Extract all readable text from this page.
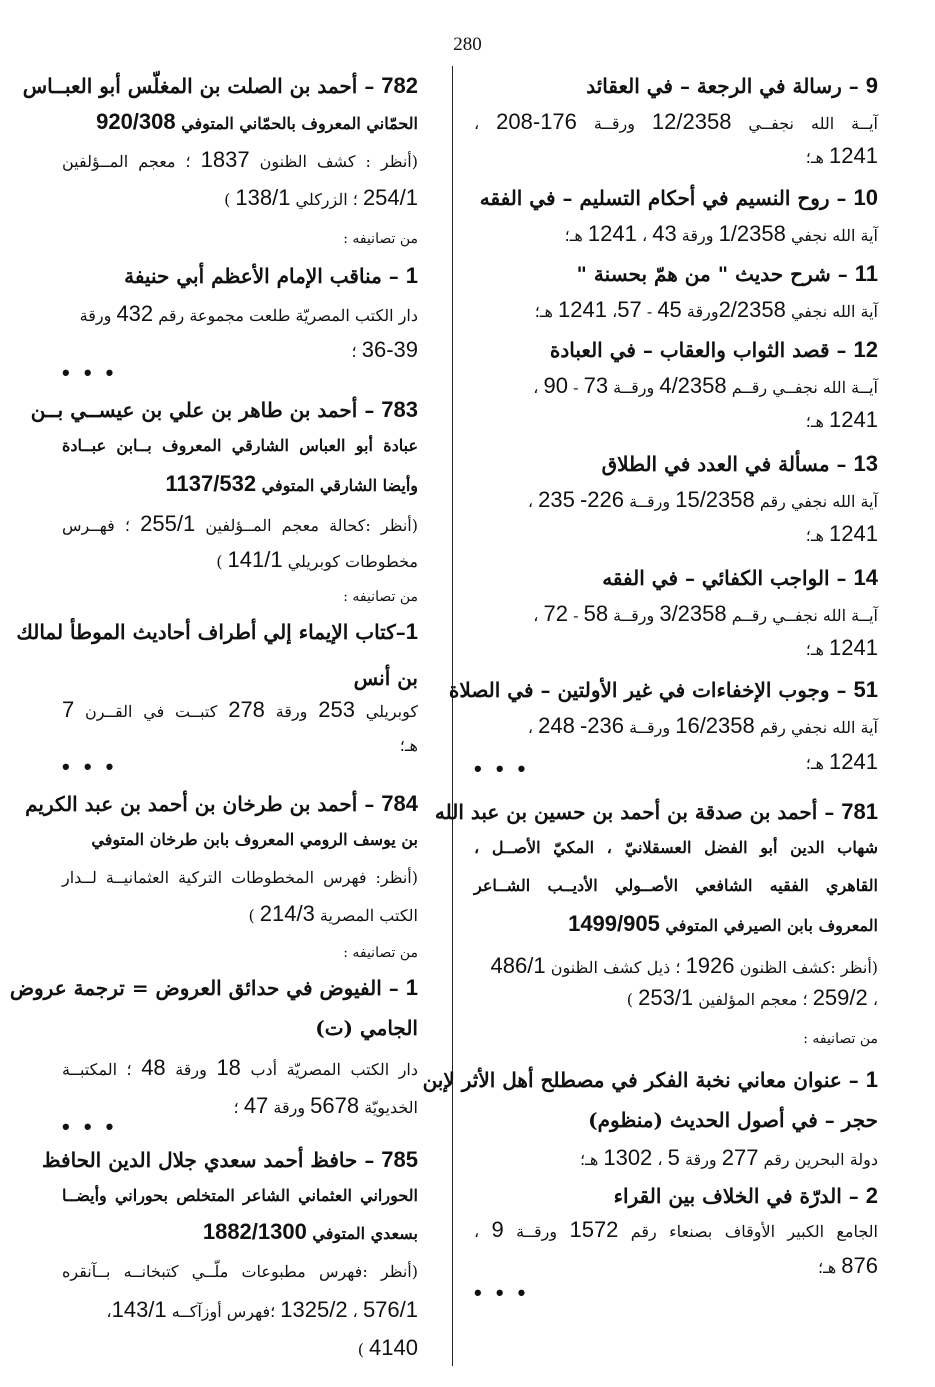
280
9 – رسالة في الرجعة – في العقائد
آيــة الله نجفــي 12/2358 ورقــة 176-208 ،
1241 هـ؛
10 – روح النسيم في أحكام التسليم – في الفقه
آية الله نجفي 1/2358 ورقة 43 ، 1241 هـ؛
11 – شرح حديث " من همّ بحسنة "
آية الله نجفي 2/2358ورقة 45 - 57، 1241 هـ؛
12 – قصد الثواب والعقاب – في العبادة
آيــة الله نجفــي رقــم 4/2358 ورقــة 73 - 90 ،
1241 هـ؛
13 – مسألة في العدد في الطلاق
آية الله نجفي رقم 15/2358 ورقــة 226- 235 ،
1241 هـ؛
14 – الواجب الكفائي – في الفقه
آيــة الله نجفــي رقــم 3/2358 ورقــة 58 - 72 ،
1241 هـ؛
51 – وجوب الإخفاءات في غير الأولتين – في الصلاة
آية الله نجفي رقم 16/2358 ورقــة 236- 248 ،
1241 هـ؛
781 – أحمد بن صدقة بن أحمد بن حسين بن عبد الله
شهاب الدين أبو الفضل العسقلانيّ ، المكيّ الأصــل ،
القاهري الفقيه الشافعي الأصــولي الأديــب الشــاعر
المعروف بابن الصيرفي المتوفي 1499/905
(أنظر :كشف الظنون 1926 ؛ ذيل كشف الظنون 486/1
، 259/2 ؛ معجم المؤلفين 253/1 )
من تصانيفه :
1 – عنوان معاني نخبة الفكر في مصطلح أهل الأثر لإبن
حجر – في أصول الحديث (منظوم)
دولة البحرين رقم 277 ورقة 5 ، 1302 هـ؛
2 – الدرّة في الخلاف بين القراء
الجامع الكبير الأوقاف بصنعاء رقم 1572 ورقــة 9 ،
876 هـ؛
• • •
• • •
782 – أحمد بن الصلت بن المغلّس أبو العبــاس
الحمّاني المعروف بالحمّاني المتوفي 920/308
(أنظر : كشف الظنون 1837 ؛ معجم المــؤلفين
254/1 ؛ الزركلي 138/1 )
من تصانيفه :
1 – مناقب الإمام الأعظم أبي حنيفة
دار الكتب المصريّة طلعت مجموعة رقم 432 ورقة
36-39 ؛
783 – أحمد بن طاهر بن علي بن عيســي بــن
عبادة أبو العباس الشارقي المعروف بــابن عبــادة
وأيضا الشارقي المتوفي 1137/532
(أنظر :كحالة معجم المــؤلفين 255/1 ؛ فهــرس
مخطوطات كوبريلي 141/1 )
من تصانيفه :
1–كتاب الإيماء إلي أطراف أحاديث الموطأ لمالك
بن أنس
كوبريلي 253 ورقة 278 كتبــت في القــرن 7
هـ؛
784 – أحمد بن طرخان بن أحمد بن عبد الكريم
بن يوسف الرومي المعروف بابن طرخان المتوفي
(أنظر: فهرس المخطوطات التركية العثمانيــة لــدار
الكتب المصرية 214/3 )
من تصانيفه :
1 – الفيوض في حدائق العروض = ترجمة عروض
الجامي (ت)
دار الكتب المصريّة أدب 18 ورقة 48 ؛ المكتبــة
الخديويّة 5678 ورقة 47 ؛
785 – حافظ أحمد سعدي جلال الدين الحافظ
الحوراني العثماني الشاعر المتخلص بحوراني وأيضــا
بسعدي المتوفي 1882/1300
(أنظر :فهرس مطبوعات ملّــي كتبخانــه بــآنقره
576/1 ، 1325/2 ؛فهرس أوزآكــه 143/1،
4140 )
• • •
• • •
• • •
